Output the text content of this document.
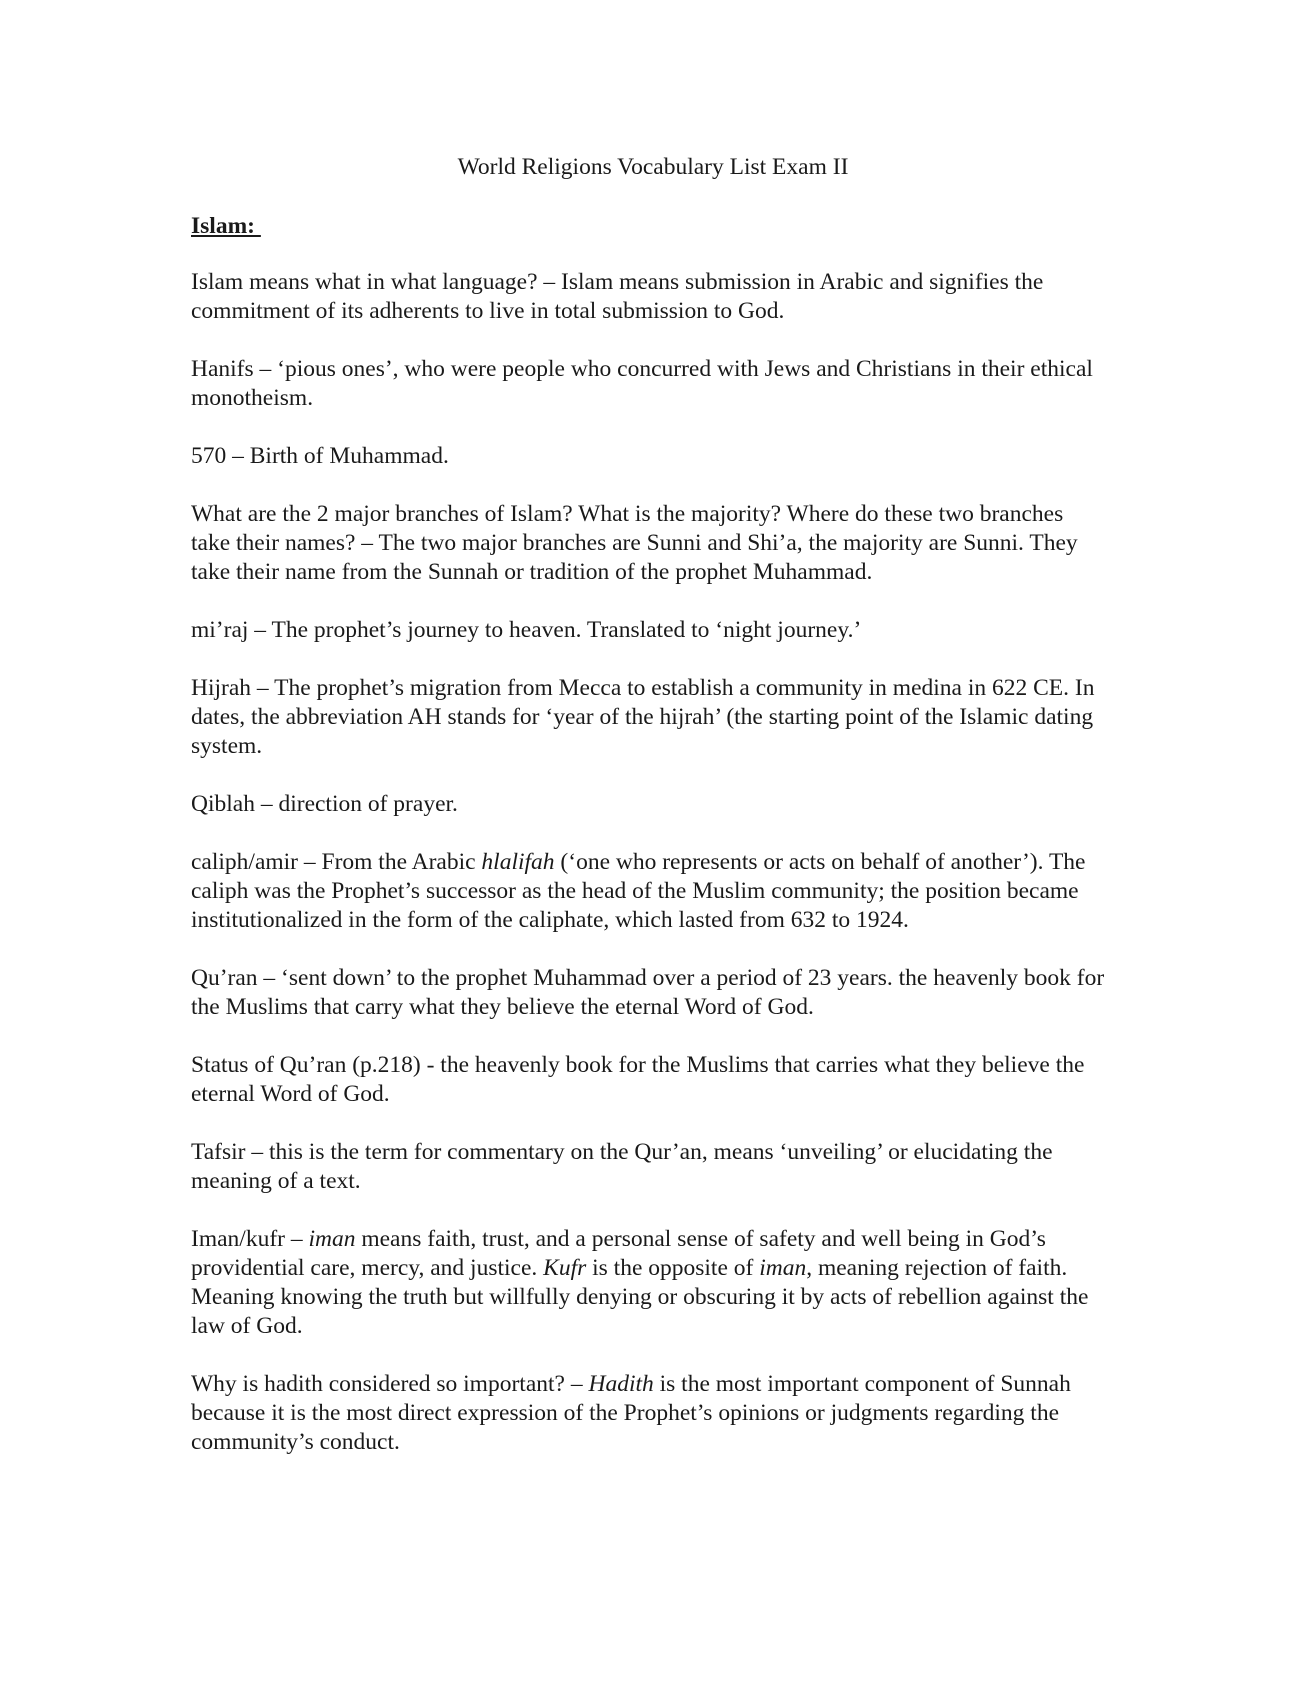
World Religions Vocabulary List Exam II
Islam:

Islam means what in what language? – Islam means submission in Arabic and signifies the commitment of its adherents to live in total submission to God.

Hanifs – ‘pious ones’, who were people who concurred with Jews and Christians in their ethical monotheism.

570 – Birth of Muhammad.

What are the 2 major branches of Islam? What is the majority? Where do these two branches take their names? – The two major branches are Sunni and Shi’a, the majority are Sunni. They take their name from the Sunnah or tradition of the prophet Muhammad.

mi’raj – The prophet’s journey to heaven. Translated to ‘night journey.’

Hijrah – The prophet’s migration from Mecca to establish a community in medina in 622 CE. In dates, the abbreviation AH stands for ‘year of the hijrah’ (the starting point of the Islamic dating system.

Qiblah – direction of prayer.

caliph/amir – From the Arabic hlalifah (‘one who represents or acts on behalf of another’). The caliph was the Prophet’s successor as the head of the Muslim community; the position became institutionalized in the form of the caliphate, which lasted from 632 to 1924.

Qu’ran – ‘sent down’ to the prophet Muhammad over a period of 23 years. the heavenly book for the Muslims that carry what they believe the eternal Word of God.

Status of Qu’ran (p.218) - the heavenly book for the Muslims that carries what they believe the eternal Word of God.

Tafsir – this is the term for commentary on the Qur’an, means ‘unveiling’ or elucidating the meaning of a text.

Iman/kufr – iman means faith, trust, and a personal sense of safety and well being in God’s providential care, mercy, and justice. Kufr is the opposite of iman, meaning rejection of faith. Meaning knowing the truth but willfully denying or obscuring it by acts of rebellion against the law of God.

Why is hadith considered so important? – Hadith is the most important component of Sunnah because it is the most direct expression of the Prophet’s opinions or judgments regarding the community’s conduct.
